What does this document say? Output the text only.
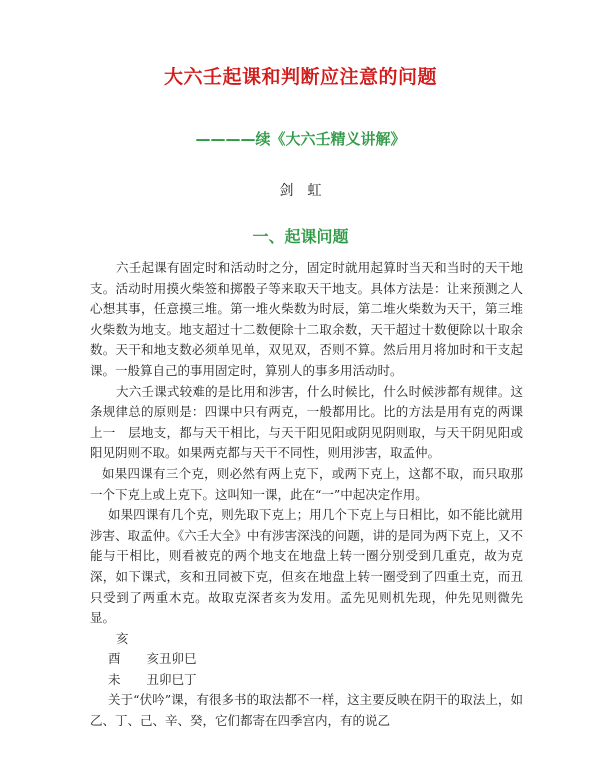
大六壬起课和判断应注意的问题
————续《大六壬精义讲解》
剑　虹
一、起课问题

六壬起课有固定时和活动时之分，固定时就用起算时当天和当时的天干地支。活动时用摸火柴签和掷骰子等来取天干地支。具体方法是：让来预测之人心想其事，任意摸三堆。第一堆火柴数为时辰，第二堆火柴数为天干，第三堆火柴数为地支。地支超过十二数便除十二取余数，天干超过十数便除以十取余数。天干和地支数必须单见单，双见双，否则不算。然后用月将加时和干支起课。一般算自己的事用固定时，算别人的事多用活动时。

大六壬课式较难的是比用和涉害，什么时候比，什么时候涉都有规律。这条规律总的原则是：四课中只有两克，一般都用比。比的方法是用有克的两课上一　层地支，都与天干相比，与天干阳见阳或阴见阴则取，与天干阴见阳或阳见阴则不取。如果两克都与天干不同性，则用涉害，取孟仲。

如果四课有三个克，则必然有两上克下，或两下克上，这都不取，而只取那一个下克上或上克下。这叫知一课，此在“一”中起决定作用。

如果四课有几个克，则先取下克上；用几个下克上与日相比，如不能比就用涉害、取孟仲。《六壬大全》中有涉害深浅的问题，讲的是同为两下克上，又不能与干相比，则看被克的两个地支在地盘上转一圈分别受到几重克，故为克深，如下课式，亥和丑同被下克，但亥在地盘上转一圈受到了四重土克，而丑只受到了两重木克。故取克深者亥为发用。孟先见则机先现，仲先见则微先显。

亥
酉 亥丑卯巳
未 丑卯巳丁

关于“伏吟”课，有很多书的取法都不一样，这主要反映在阴干的取法上，如乙、丁、己、辛、癸，它们都寄在四季宫内，有的说乙
